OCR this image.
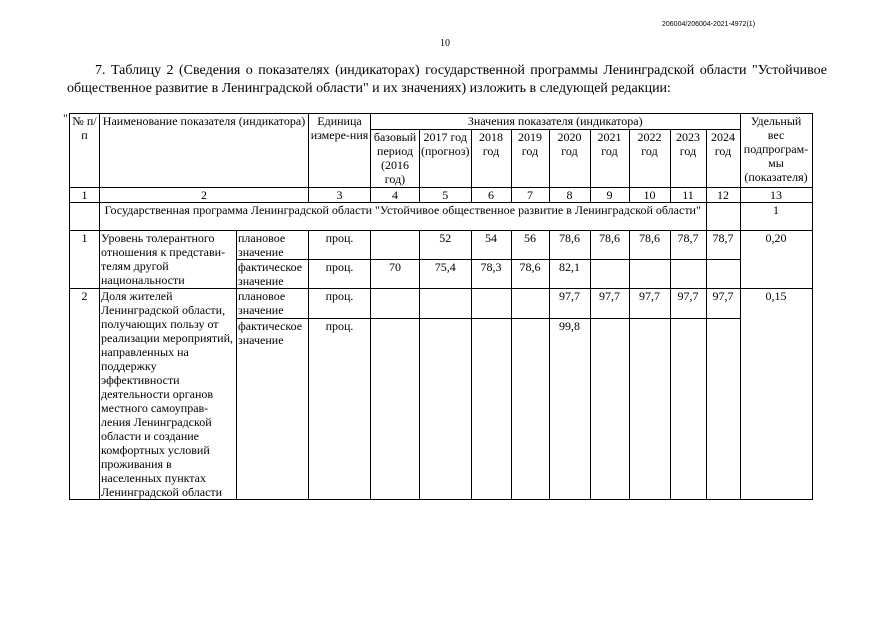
206004/206004-2021-4972(1)
10
7. Таблицу 2 (Сведения о показателях (индикаторах) государственной программы Ленинградской области "Устойчивое общественное развитие в Ленинградской области" и их значениях) изложить в следующей редакции:
" № п/п	Наименование показателя (индикатора)		Единица измере-ния	Значения показателя (индикатора)									Удельный вес подпрограм-мы (показателя)
				базовый период (2016 год)	2017 год (прогноз)	2018 год	2019 год	2020 год	2021 год	2022 год	2023 год	2024 год	
1	2		3	4	5	6	7	8	9	10	11	12	13
	Государственная программа Ленинградской области "Устойчивое общественное развитие в Ленинградской области"												1
1	Уровень толерантного отношения к представи-телям другой национальности	плановое значение	проц.		52	54	56	78,6	78,6	78,6	78,7	78,7	0,20
		фактическое значение	проц.	70	75,4	78,3	78,6	82,1					
2	Доля жителей Ленинградской области, получающих пользу от реализации мероприятий, направленных на поддержку эффективности деятельности органов местного самоуправ-ления Ленинградской области и создание комфортных условий проживания в населенных пунктах Ленинградской области	плановое значение	проц.					97,7	97,7	97,7	97,7	97,7	0,15
		фактическое значение	проц.					99,8					
